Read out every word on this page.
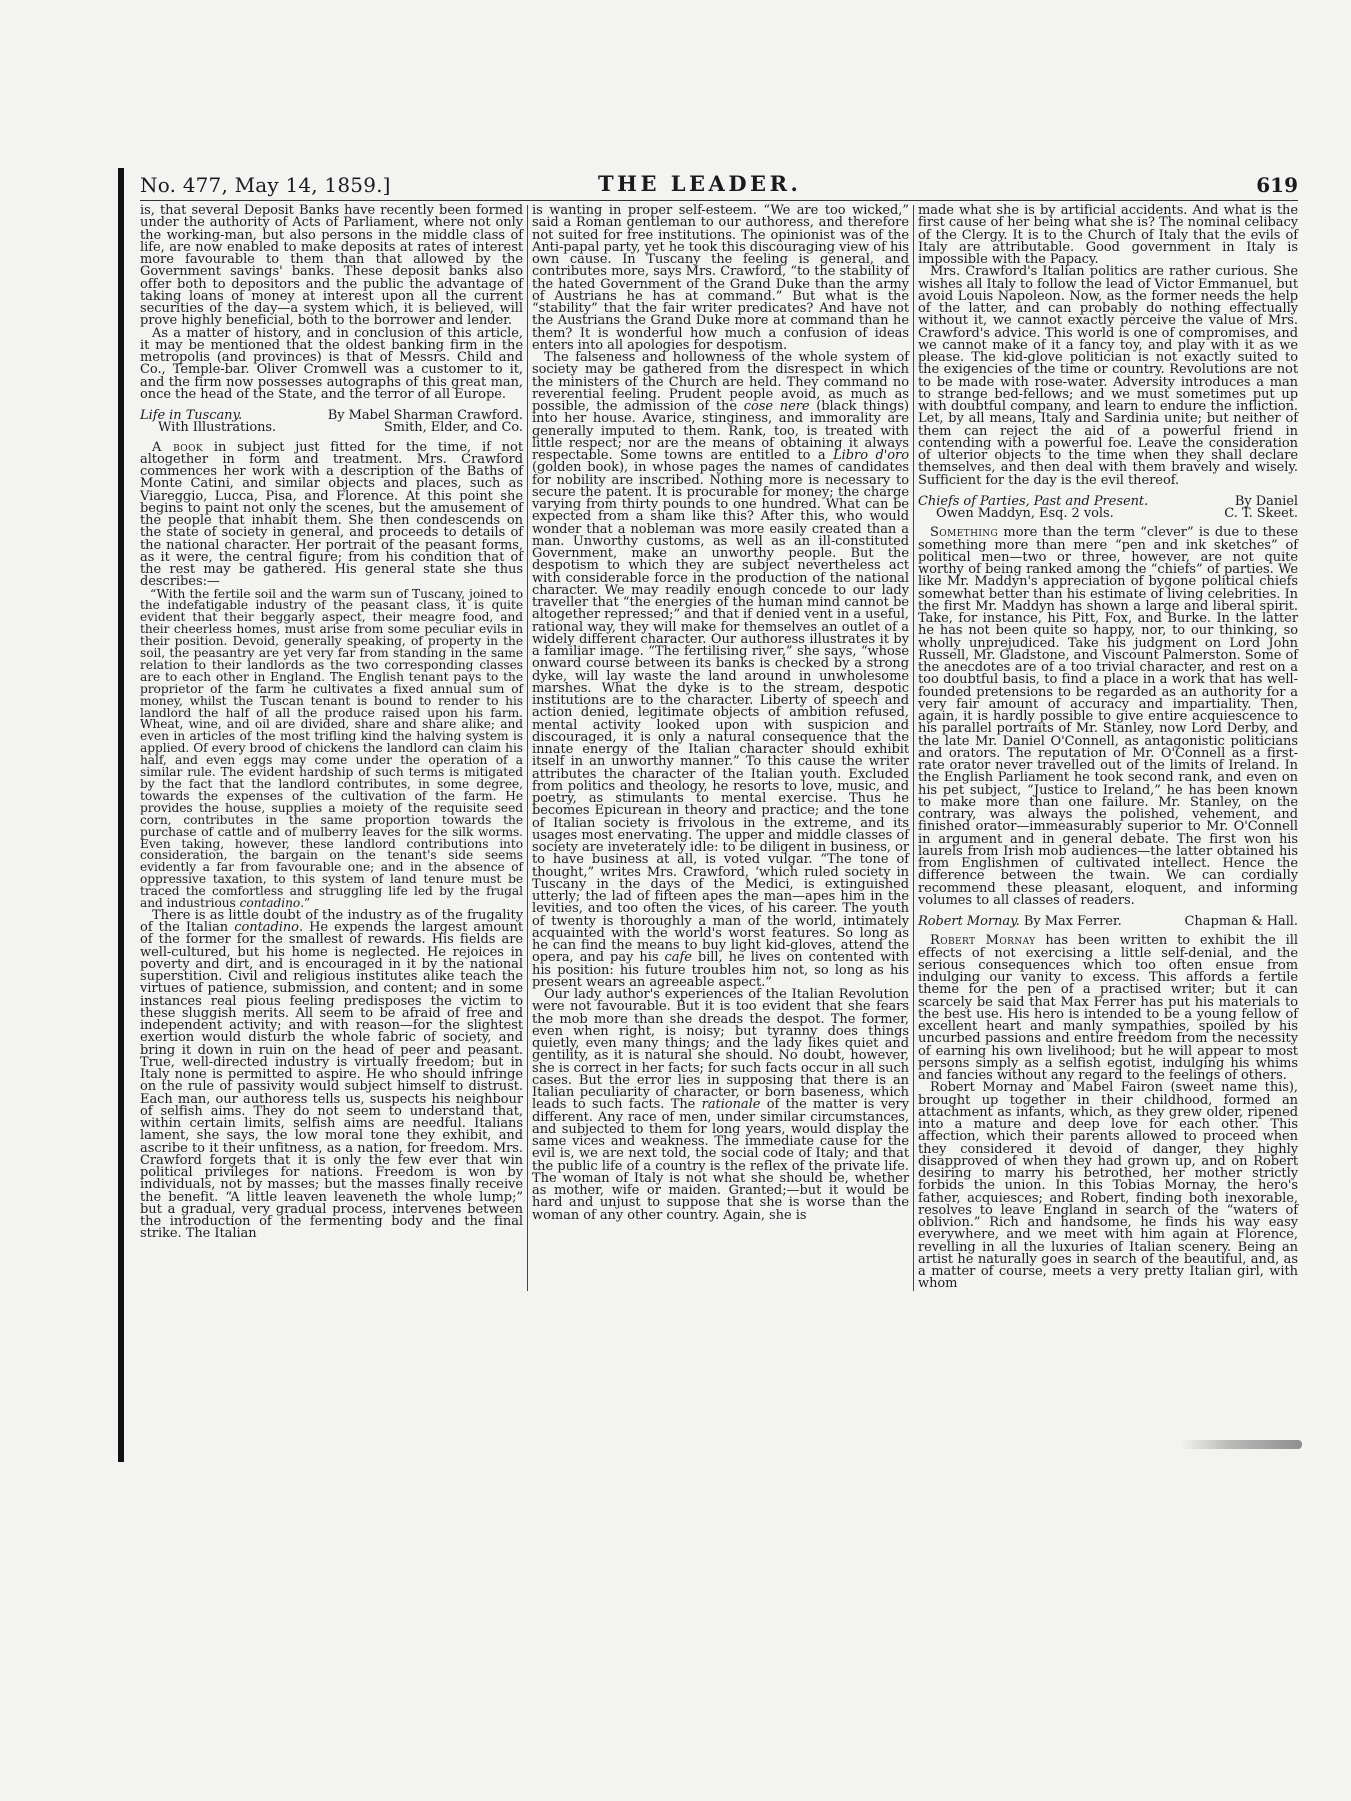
No. 477, May 14, 1859.]	THE LEADER.	619

is, that several Deposit Banks have recently been formed under the authority of Acts of Parliament, where not only the working-man, but also persons in the middle class of life, are now enabled to make deposits at rates of interest more favourable to them than that allowed by the Government savings' banks. These deposit banks also offer both to depositors and the public the advantage of taking loans of money at interest upon all the current securities of the day—a system which, it is believed, will prove highly beneficial, both to the borrower and lender.

As a matter of history, and in conclusion of this article, it may be mentioned that the oldest banking firm in the metropolis (and provinces) is that of Messrs. Child and Co., Temple-bar. Oliver Cromwell was a customer to it, and the firm now possesses autographs of this great man, once the head of the State, and the terror of all Europe.

Life in Tuscany.	By Mabel Sharman Crawford.
With Illustrations.	Smith, Elder, and Co.

A book in subject just fitted for the time, if not altogether in form and treatment. Mrs. Crawford commences her work with a description of the Baths of Monte Catini, and similar objects and places, such as Viareggio, Lucca, Pisa, and Florence. At this point she begins to paint not only the scenes, but the amusement of the people that inhabit them. She then condescends on the state of society in general, and proceeds to details of the national character. Her portrait of the peasant forms, as it were, the central figure; from his condition that of the rest may be gathered. His general state she thus describes:—

“With the fertile soil and the warm sun of Tuscany, joined to the indefatigable industry of the peasant class, it is quite evident that their beggarly aspect, their meagre food, and their cheerless homes, must arise from some peculiar evils in their position. Devoid, generally speaking, of property in the soil, the peasantry are yet very far from standing in the same relation to their landlords as the two corresponding classes are to each other in England. The English tenant pays to the proprietor of the farm he cultivates a fixed annual sum of money, whilst the Tuscan tenant is bound to render to his landlord the half of all the produce raised upon his farm. Wheat, wine, and oil are divided, share and share alike; and even in articles of the most trifling kind the halving system is applied. Of every brood of chickens the landlord can claim his half, and even eggs may come under the operation of a similar rule. The evident hardship of such terms is mitigated by the fact that the landlord contributes, in some degree, towards the expenses of the cultivation of the farm. He provides the house, supplies a moiety of the requisite seed corn, contributes in the same proportion towards the purchase of cattle and of mulberry leaves for the silk worms. Even taking, however, these landlord contributions into consideration, the bargain on the tenant's side seems evidently a far from favourable one; and in the absence of oppressive taxation, to this system of land tenure must be traced the comfortless and struggling life led by the frugal and industrious contadino.”

There is as little doubt of the industry as of the frugality of the Italian contadino. He expends the largest amount of the former for the smallest of rewards. His fields are well-cultured, but his home is neglected. He rejoices in poverty and dirt, and is encouraged in it by the national superstition. Civil and religious institutes alike teach the virtues of patience, submission, and content; and in some instances real pious feeling predisposes the victim to these sluggish merits. All seem to be afraid of free and independent activity; and with reason—for the slightest exertion would disturb the whole fabric of society, and bring it down in ruin on the head of peer and peasant. True, well-directed industry is virtually freedom; but in Italy none is permitted to aspire. He who should infringe on the rule of passivity would subject himself to distrust. Each man, our authoress tells us, suspects his neighbour of selfish aims. They do not seem to understand that, within certain limits, selfish aims are needful. Italians lament, she says, the low moral tone they exhibit, and ascribe to it their unfitness, as a nation, for freedom. Mrs. Crawford forgets that it is only the few ever that win political privileges for nations. Freedom is won by individuals, not by masses; but the masses finally receive the benefit. “A little leaven leaveneth the whole lump;” but a gradual, very gradual process, intervenes between the introduction of the fermenting body and the final strike. The Italian

is wanting in proper self-esteem. “We are too wicked,” said a Roman gentleman to our authoress, and therefore not suited for free institutions. The opinionist was of the Anti-papal party, yet he took this discouraging view of his own cause. In Tuscany the feeling is general, and contributes more, says Mrs. Crawford, “to the stability of the hated Government of the Grand Duke than the army of Austrians he has at command.” But what is the “stability” that the fair writer predicates? And have not the Austrians the Grand Duke more at command than he them? It is wonderful how much a confusion of ideas enters into all apologies for despotism.

The falseness and hollowness of the whole system of society may be gathered from the disrespect in which the ministers of the Church are held. They command no reverential feeling. Prudent people avoid, as much as possible, the admission of the cose nere (black things) into her house. Avarice, stinginess, and immorality are generally imputed to them. Rank, too, is treated with little respect; nor are the means of obtaining it always respectable. Some towns are entitled to a Libro d'oro (golden book), in whose pages the names of candidates for nobility are inscribed. Nothing more is necessary to secure the patent. It is procurable for money; the charge varying from thirty pounds to one hundred. What can be expected from a sham like this? After this, who would wonder that a nobleman was more easily created than a man. Unworthy customs, as well as an ill-constituted Government, make an unworthy people. But the despotism to which they are subject nevertheless act with considerable force in the production of the national character. We may readily enough concede to our lady traveller that “the energies of the human mind cannot be altogether repressed;” and that if denied vent in a useful, rational way, they will make for themselves an outlet of a widely different character. Our authoress illustrates it by a familiar image. “The fertilising river,” she says, “whose onward course between its banks is checked by a strong dyke, will lay waste the land around in unwholesome marshes. What the dyke is to the stream, despotic institutions are to the character. Liberty of speech and action denied, legitimate objects of ambition refused, mental activity looked upon with suspicion and discouraged, it is only a natural consequence that the innate energy of the Italian character should exhibit itself in an unworthy manner.” To this cause the writer attributes the character of the Italian youth. Excluded from politics and theology, he resorts to love, music, and poetry, as stimulants to mental exercise. Thus he becomes Epicurean in theory and practice; and the tone of Italian society is frivolous in the extreme, and its usages most enervating. The upper and middle classes of society are inveterately idle: to be diligent in business, or to have business at all, is voted vulgar. “The tone of thought,” writes Mrs. Crawford, ‘which ruled society in Tuscany in the days of the Medici, is extinguished utterly; the lad of fifteen apes the man—apes him in the levities, and too often the vices, of his career. The youth of twenty is thoroughly a man of the world, intimately acquainted with the world's worst features. So long as he can find the means to buy light kid-gloves, attend the opera, and pay his cafe bill, he lives on contented with his position: his future troubles him not, so long as his present wears an agreeable aspect.”

Our lady author's experiences of the Italian Revolution were not favourable. But it is too evident that she fears the mob more than she dreads the despot. The former, even when right, is noisy; but tyranny does things quietly, even many things; and the lady likes quiet and gentility, as it is natural she should. No doubt, however, she is correct in her facts; for such facts occur in all such cases. But the error lies in supposing that there is an Italian peculiarity of character, or born baseness, which leads to such facts. The rationale of the matter is very different. Any race of men, under similar circumstances, and subjected to them for long years, would display the same vices and weakness. The immediate cause for the evil is, we are next told, the social code of Italy; and that the public life of a country is the reflex of the private life. The woman of Italy is not what she should be, whether as mother, wife or maiden. Granted;—but it would be hard and unjust to suppose that she is worse than the woman of any other country. Again, she is

made what she is by artificial accidents. And what is the first cause of her being what she is? The nominal celibacy of the Clergy. It is to the Church of Italy that the evils of Italy are attributable. Good government in Italy is impossible with the Papacy.

Mrs. Crawford's Italian politics are rather curious. She wishes all Italy to follow the lead of Victor Emmanuel, but avoid Louis Napoleon. Now, as the former needs the help of the latter, and can probably do nothing effectually without it, we cannot exactly perceive the value of Mrs. Crawford's advice. This world is one of compromises, and we cannot make of it a fancy toy, and play with it as we please. The kid-glove politician is not exactly suited to the exigencies of the time or country. Revolutions are not to be made with rose-water. Adversity introduces a man to strange bed-fellows; and we must sometimes put up with doubtful company, and learn to endure the infliction. Let, by all means, Italy and Sardinia unite; but neither of them can reject the aid of a powerful friend in contending with a powerful foe. Leave the consideration of ulterior objects to the time when they shall declare themselves, and then deal with them bravely and wisely. Sufficient for the day is the evil thereof.

Chiefs of Parties, Past and Present.	By Daniel
Owen Maddyn, Esq. 2 vols.	C. T. Skeet.

Something more than the term “clever” is due to these something more than mere “pen and ink sketches” of political men—two or three, however, are not quite worthy of being ranked among the “chiefs” of parties. We like Mr. Maddyn's appreciation of bygone political chiefs somewhat better than his estimate of living celebrities. In the first Mr. Maddyn has shown a large and liberal spirit. Take, for instance, his Pitt, Fox, and Burke. In the latter he has not been quite so happy, nor, to our thinking, so wholly unprejudiced. Take his judgment on Lord John Russell, Mr. Gladstone, and Viscount Palmerston. Some of the anecdotes are of a too trivial character, and rest on a too doubtful basis, to find a place in a work that has well-founded pretensions to be regarded as an authority for a very fair amount of accuracy and impartiality. Then, again, it is hardly possible to give entire acquiescence to his parallel portraits of Mr. Stanley, now Lord Derby, and the late Mr. Daniel O'Connell, as antagonistic politicians and orators. The reputation of Mr. O'Connell as a first-rate orator never travelled out of the limits of Ireland. In the English Parliament he took second rank, and even on his pet subject, “Justice to Ireland,” he has been known to make more than one failure. Mr. Stanley, on the contrary, was always the polished, vehement, and finished orator—immeasurably superior to Mr. O'Connell in argument and in general debate. The first won his laurels from Irish mob audiences—the latter obtained his from Englishmen of cultivated intellect. Hence the difference between the twain. We can cordially recommend these pleasant, eloquent, and informing volumes to all classes of readers.

Robert Mornay. By Max Ferrer.	Chapman & Hall.

Robert Mornay has been written to exhibit the ill effects of not exercising a little self-denial, and the serious consequences which too often ensue from indulging our vanity to excess. This affords a fertile theme for the pen of a practised writer; but it can scarcely be said that Max Ferrer has put his materials to the best use. His hero is intended to be a young fellow of excellent heart and manly sympathies, spoiled by his uncurbed passions and entire freedom from the necessity of earning his own livelihood; but he will appear to most persons simply as a selfish egotist, indulging his whims and fancies without any regard to the feelings of others.

Robert Mornay and Mabel Fairon (sweet name this), brought up together in their childhood, formed an attachment as infants, which, as they grew older, ripened into a mature and deep love for each other. This affection, which their parents allowed to proceed when they considered it devoid of danger, they highly disapproved of when they had grown up, and on Robert desiring to marry his betrothed, her mother strictly forbids the union. In this Tobias Mornay, the hero's father, acquiesces; and Robert, finding both inexorable, resolves to leave England in search of the “waters of oblivion.” Rich and handsome, he finds his way easy everywhere, and we meet with him again at Florence, revelling in all the luxuries of Italian scenery. Being an artist he naturally goes in search of the beautiful, and, as a matter of course, meets a very pretty Italian girl, with whom
